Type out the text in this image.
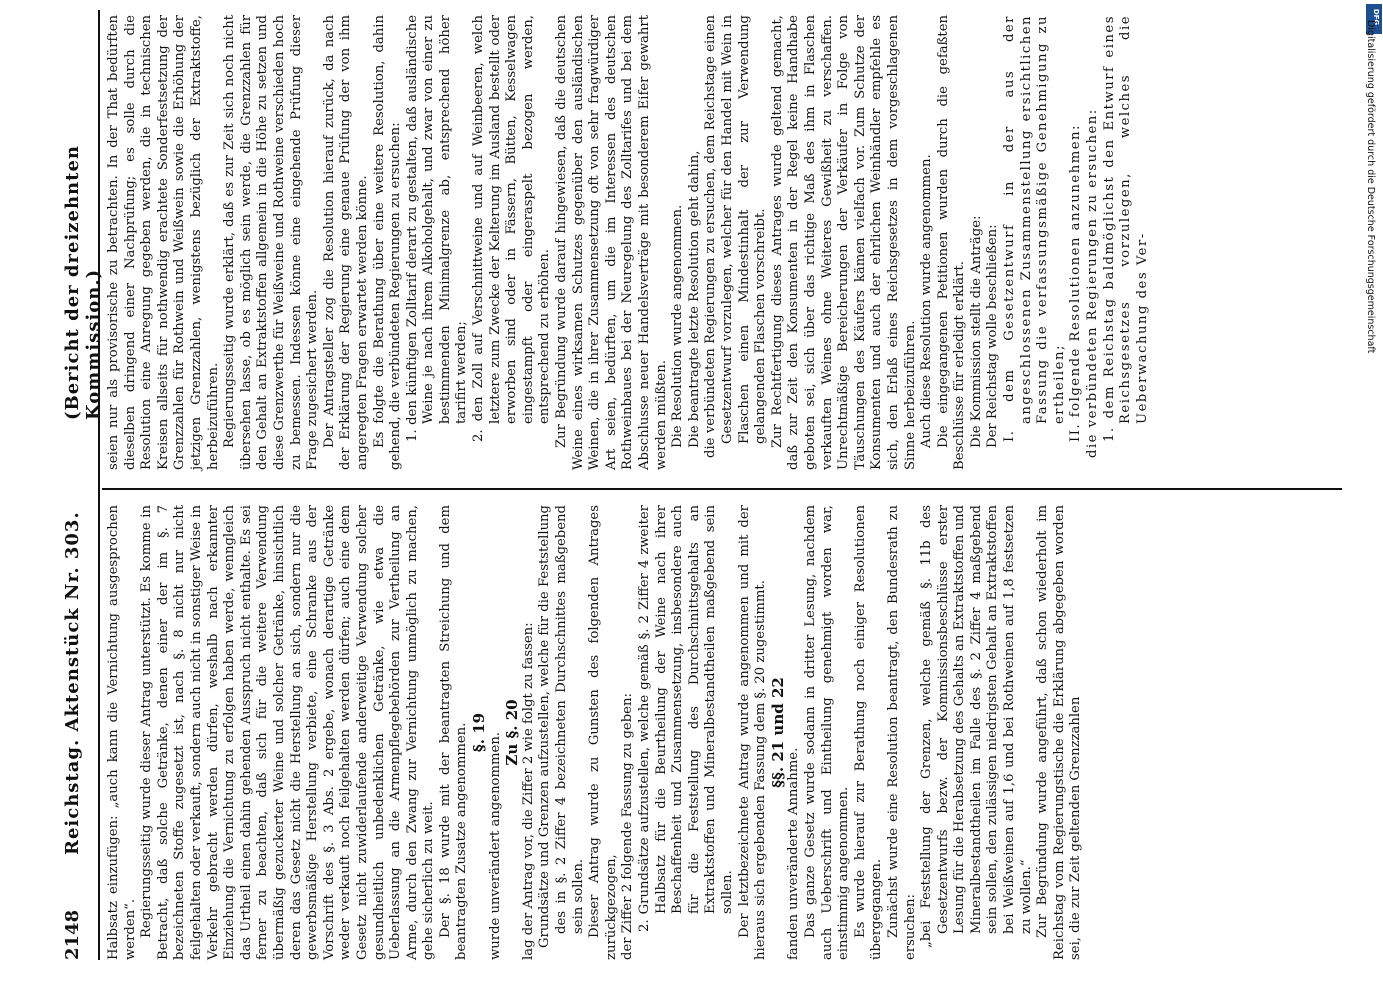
2148
Reichstag. Aktenstück Nr. 303.
(Bericht der dreizehnten Kommission.)

Halbsatz einzufügen: „auch kann die Vernichtung ausgesprochen werden“. Regierungsseitig wurde dieser Antrag unterstützt. Es komme in Betracht, daß solche Getränke, denen einer der im §. 7 bezeichneten Stoffe zugesetzt ist, nach §. 8 nicht nur nicht feilgehalten oder verkauft, sondern auch nicht in sonstiger Weise in Verkehr gebracht werden dürfen, weshalb nach erkannter Einziehung die Vernichtung zu erfolgen haben werde, wenngleich das Urtheil einen dahin gehenden Ausspruch nicht enthalte. Es sei ferner zu beachten, daß sich für die weitere Verwendung übermäßig gezuckerter Weine und solcher Getränke, hinsichtlich deren das Gesetz nicht die Herstellung an sich, sondern nur die gewerbsmäßige Herstellung verbiete, eine Schranke aus der Vorschrift des §. 3 Abs. 2 ergebe, wonach derartige Getränke weder verkauft noch feilgehalten werden dürfen; auch eine dem Gesetz nicht zuwiderlaufende anderweitige Verwendung solcher gesundheitlich unbedenklichen Getränke, wie etwa die Ueberlassung an die Armenpflegebehörden zur Vertheilung an Arme, durch den Zwang zur Vernichtung unmöglich zu machen, gehe sicherlich zu weit. Der §. 18 wurde mit der beantragten Streichung und dem beantragten Zusatze angenommen. §. 19 wurde unverändert angenommen. Zu §. 20 lag der Antrag vor, die Ziffer 2 wie folgt zu fassen: Grundsätze und Grenzen aufzustellen, welche für die Feststellung des in §. 2 Ziffer 4 bezeichneten Durchschnittes maßgebend sein sollen. Dieser Antrag wurde zu Gunsten des folgenden Antrages zurückgezogen, der Ziffer 2 folgende Fassung zu geben: 2. Grundsätze aufzustellen, welche gemäß §. 2 Ziffer 4 zweiter Halbsatz für die Beurtheilung der Weine nach ihrer Beschaffenheit und Zusammensetzung, insbesondere auch für die Feststellung des Durchschnittsgehalts an Extraktstoffen und Mineralbestandtheilen maßgebend sein sollen. Der letztbezeichnete Antrag wurde angenommen und mit der hieraus sich ergebenden Fassung dem §. 20 zugestimmt. §§. 21 und 22

fanden unveränderte Annahme. Das ganze Gesetz wurde sodann in dritter Lesung, nachdem auch Ueberschrift und Eintheilung genehmigt worden war, einstimmig angenommen. Es wurde hierauf zur Berathung noch einiger Resolutionen übergegangen. Zunächst wurde eine Resolution beantragt, den Bundesrath zu ersuchen: „bei Feststellung der Grenzen, welche gemäß §. 11b des Gesetzentwurfs bezw. der Kommissionsbeschlüsse erster Lesung für die Herabsetzung des Gehalts an Extraktstoffen und Mineralbestandtheilen im Falle des §. 2 Ziffer 4 maßgebend sein sollen, den zulässigen niedrigsten Gehalt an Extraktstoffen bei Weißweinen auf 1,6 und bei Rothweinen auf 1,8 festsetzen zu wollen.“ Zur Begründung wurde angeführt, daß schon wiederholt im Reichstag vom Regierungstische die Erklärung abgegeben worden sei, die zur Zeit geltenden Grenzzahlen

seien nur als provisorische zu betrachten. In der That bedürften dieselben dringend einer Nachprüfung; es solle durch die Resolution eine Anregung gegeben werden, die in technischen Kreisen allseits für nothwendig erachtete Sonderfestsetzung der Grenzzahlen für Rothwein und Weißwein sowie die Erhöhung der jetzigen Grenzzahlen, wenigstens bezüglich der Extraktstoffe, herbeizuführen. Regierungsseitig wurde erklärt, daß es zur Zeit sich noch nicht übersehen lasse, ob es möglich sein werde, die Grenzzahlen für den Gehalt an Extraktstoffen allgemein in die Höhe zu setzen und diese Grenzwerthe für Weißweine und Rothweine verschieden hoch zu bemessen. Indessen könne eine eingehende Prüfung dieser Frage zugesichert werden. Der Antragsteller zog die Resolution hierauf zurück, da nach der Erklärung der Regierung eine genaue Prüfung der von ihm angeregten Fragen erwartet werden könne. Es folgte die Berathung über eine weitere Resolution, dahin gehend, die verbündeten Regierungen zu ersuchen: 1. den künftigen Zolltarif derart zu gestalten, daß ausländische Weine je nach ihrem Alkoholgehalt, und zwar von einer zu bestimmenden Minimalgrenze ab, entsprechend höher tarifirt werden; 2. den Zoll auf Verschnittweine und auf Weinbeeren, welch letztere zum Zwecke der Kelterung im Ausland bestellt oder erworben sind oder in Fässern, Bütten, Kesselwagen eingestampft oder eingeraspelt bezogen werden, entsprechend zu erhöhen. Zur Begründung wurde darauf hingewiesen, daß die deutschen Weine eines wirksamen Schutzes gegenüber den ausländischen Weinen, die in ihrer Zusammensetzung oft von sehr fragwürdiger Art seien, bedürften, um die im Interessen des deutschen Rothweinbaues bei der Neuregelung des Zolltarifes und bei dem Abschlusse neuer Handelsverträge mit besonderem Eifer gewahrt werden müßten. Die Resolution wurde angenommen. Die beantragte letzte Resolution geht dahin, die verbündeten Regierungen zu ersuchen, dem Reichstage einen Gesetzentwurf vorzulegen, welcher für den Handel mit Wein in Flaschen einen Mindestinhalt der zur Verwendung gelangenden Flaschen vorschreibt. Zur Rechtfertigung dieses Antrages wurde geltend gemacht, daß zur Zeit den Konsumenten in der Regel keine Handhabe geboten sei, sich über das richtige Maß des ihm in Flaschen verkauften Weines ohne Weiteres Gewißheit zu verschaffen. Unrechtmäßige Bereicherungen der Verkäufer in Folge von Täuschungen des Käufers kämen vielfach vor. Zum Schutze der Konsumenten und auch der ehrlichen Weinhändler empfehle es sich, den Erlaß eines Reichsgesetzes in dem vorgeschlagenen Sinne herbeizuführen. Auch diese Resolution wurde angenommen. Die eingegangenen Petitionen wurden durch die gefaßten Beschlüsse für erledigt erklärt. Die Kommission stellt die Anträge: Der Reichstag wolle beschließen: I. dem Gesetzentwurf in der aus der angeschlossenen Zusammenstellung ersichtlichen Fassung die verfassungsmäßige Genehmigung zu ertheilen; II. folgende Resolutionen anzunehmen: die verbündeten Regierungen zu ersuchen: 1. dem Reichstag baldmöglichst den Entwurf eines Reichsgesetzes vorzulegen, welches die Ueberwachung des Ver-

DFG
Digitalisierung gefördert durch die Deutsche Forschungsgemeinschaft
